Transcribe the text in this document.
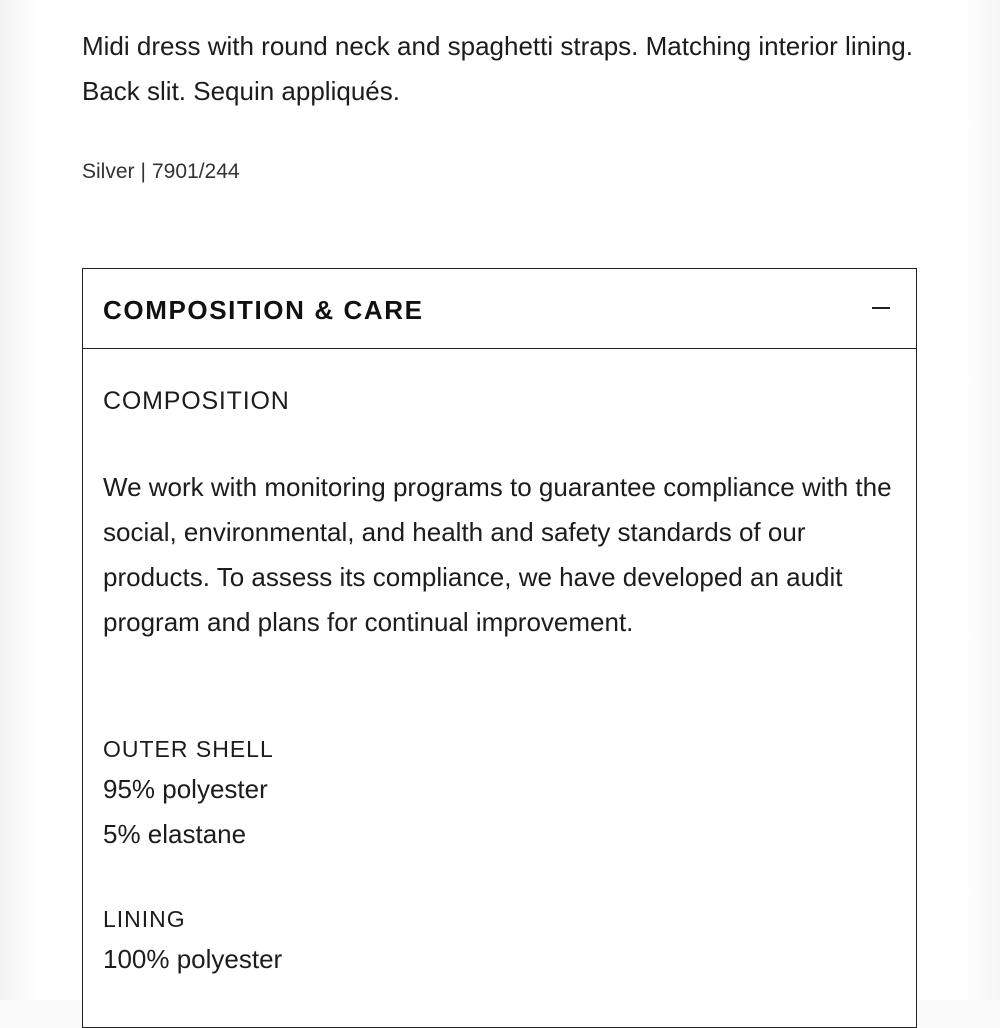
Midi dress with round neck and spaghetti straps. Matching interior lining. Back slit. Sequin appliqués.

Silver | 7901/244

COMPOSITION & CARE
COMPOSITION

We work with monitoring programs to guarantee compliance with the social, environmental, and health and safety standards of our products. To assess its compliance, we have developed an audit program and plans for continual improvement.

OUTER SHELL
95% polyester
5% elastane
LINING
100% polyester
